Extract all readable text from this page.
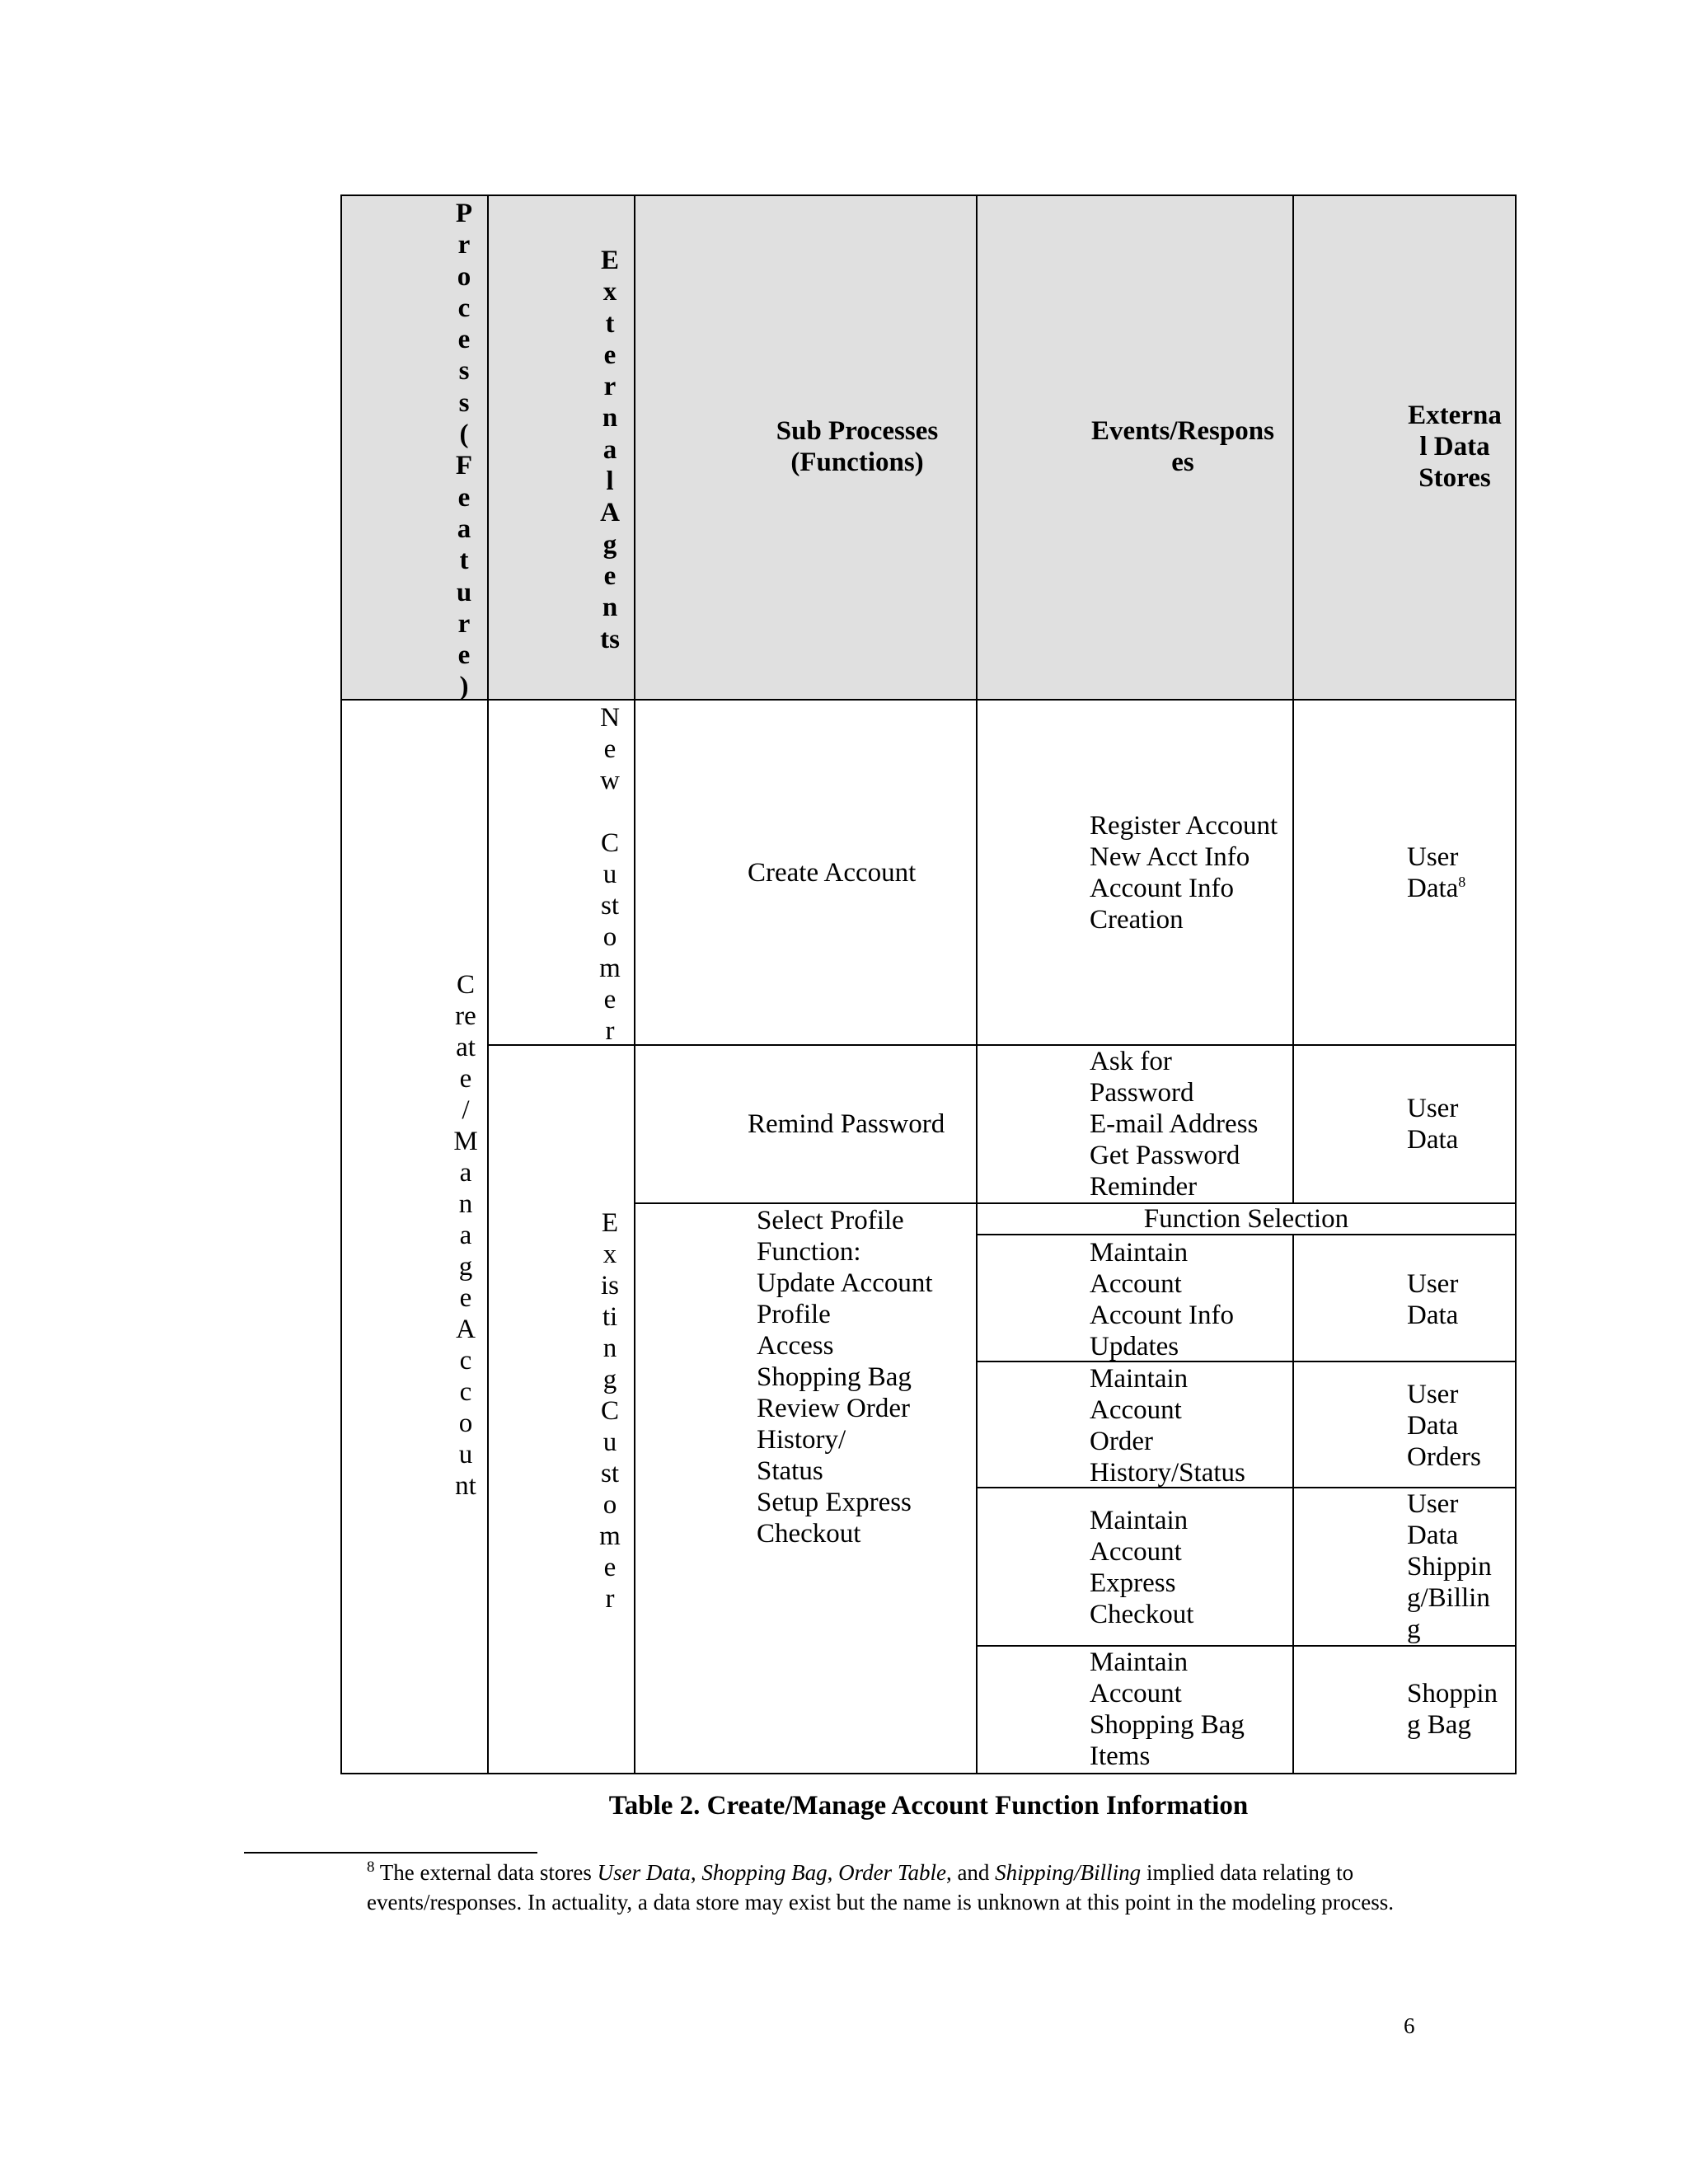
P
r
o
c
e
s
s
(
F
e
a
t
u
r
e
)
E
x
t
e
r
n
a
l
A
g
e
n
ts
Sub Processes
(Functions)
Events/Respons
es
Externa
l Data
Stores
C
re
at
e
/
M
a
n
a
g
e
A
c
c
o
u
nt
N
e
w

C
u
st
o
m
e
r
E
x
is
ti
n
g
C
u
st
o
m
e
r
Create Account
Register Account
New Acct Info
Account Info
Creation
User
Data$^8$
Remind Password
Ask for
Password
E-mail Address
Get Password
Reminder
User
Data
Select Profile
Function:
Update Account
Profile
Access
Shopping Bag
Review Order
History/
Status
Setup Express
Checkout
Function Selection
Maintain
Account
Account Info
Updates
User
Data
Maintain
Account
Order
History/Status
User
Data
Orders
Maintain
Account
Express
Checkout
User
Data
Shippin
g/Billin
g
Maintain
Account
Shopping Bag
Items
Shoppin
g Bag
Table 2. Create/Manage Account Function Information
$^8$ The external data stores User Data, Shopping Bag, Order Table, and Shipping/Billing implied data relating to events/responses. In actuality, a data store may exist but the name is unknown at this point in the modeling process.
6
